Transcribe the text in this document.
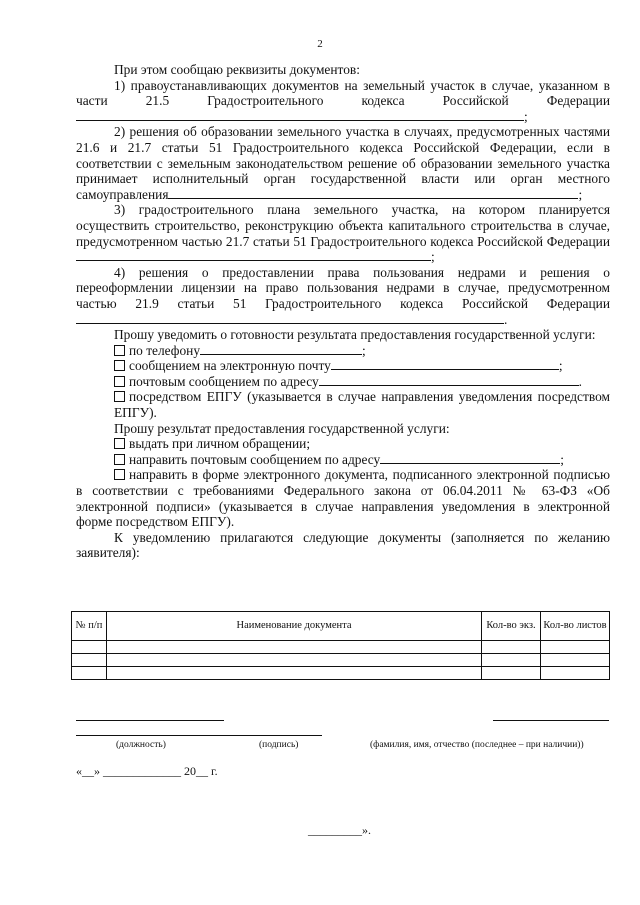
2

При этом сообщаю реквизиты документов:

1) правоустанавливающих документов на земельный участок в случае, указанном в части 21.5 Градостроительного кодекса Российской Федерации;

2) решения об образовании земельного участка в случаях, предусмотренных частями 21.6 и 21.7 статьи 51 Градостроительного кодекса Российской Федерации, если в соответствии с земельным законодательством решение об образовании земельного участка принимает исполнительный орган государственной власти или орган местного самоуправления	;

3) градостроительного плана земельного участка, на котором планируется осуществить строительство, реконструкцию объекта капитального строительства в случае, предусмотренном частью 21.7 статьи 51 Градостроительного кодекса Российской Федерации;

4) решения о предоставлении права пользования недрами и решения о переоформлении лицензии на право пользования недрами в случае, предусмотренном частью 21.9 статьи 51 Градостроительного кодекса Российской Федерации.

Прошу уведомить о готовности результата предоставления государственной услуги:

по телефону	;

сообщением на электронную почту	;

почтовым сообщением по адресу	.

посредством ЕПГУ (указывается в случае направления уведомления посредством ЕПГУ).

Прошу результат предоставления государственной услуги:

выдать при личном обращении;

направить почтовым сообщением по адресу	;

направить в форме электронного документа, подписанного электронной подписью в соответствии с требованиями Федерального закона от 06.04.2011 № 63-ФЗ «Об электронной подписи» (указывается в случае направления уведомления в электронной форме посредством ЕПГУ).

К уведомлению прилагаются следующие документы (заполняется по желанию заявителя):

№ п/п	Наименование документа	Кол-во экз.	Кол-во листов

(должность)	(подпись)	(фамилия, имя, отчество (последнее – при наличии))
«__» _____________ 20__ г.
_________».
